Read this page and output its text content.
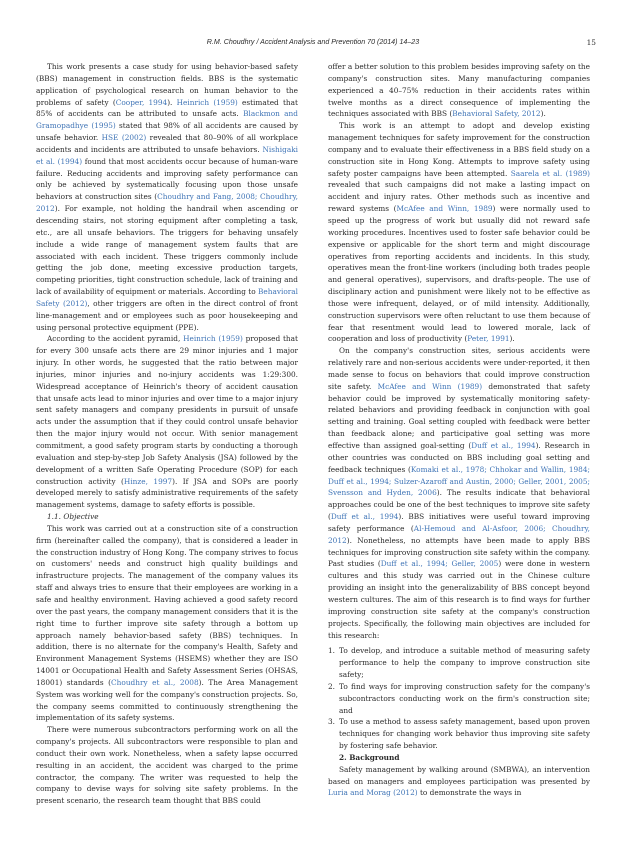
R.M. Choudhry / Accident Analysis and Prevention 70 (2014) 14–23	15

This work presents a case study for using behavior-based safety (BBS) management in construction fields. BBS is the systematic application of psychological research on human behavior to the problems of safety (Cooper, 1994). Heinrich (1959) estimated that 85% of accidents can be attributed to unsafe acts. Blackmon and Gramopadhye (1995) stated that 98% of all accidents are caused by unsafe behavior. HSE (2002) revealed that 80–90% of all workplace accidents and incidents are attributed to unsafe behaviors. Nishigaki et al. (1994) found that most accidents occur because of human-ware failure. Reducing accidents and improving safety performance can only be achieved by systematically focusing upon those unsafe behaviors at construction sites (Choudhry and Fang, 2008; Choudhry, 2012). For example, not holding the handrail when ascending or descending stairs, not storing equipment after completing a task, etc., are all unsafe behaviors. The triggers for behaving unsafely include a wide range of management system faults that are associated with each incident. These triggers commonly include getting the job done, meeting excessive production targets, competing priorities, tight construction schedule, lack of training and lack of availability of equipment or materials. According to Behavioral Safety (2012), other triggers are often in the direct control of front line-management and or employees such as poor housekeeping and using personal protective equipment (PPE).

According to the accident pyramid, Heinrich (1959) proposed that for every 300 unsafe acts there are 29 minor injuries and 1 major injury. In other words, he suggested that the ratio between major injuries, minor injuries and no-injury accidents was 1:29:300. Widespread acceptance of Heinrich's theory of accident causation that unsafe acts lead to minor injuries and over time to a major injury sent safety managers and company presidents in pursuit of unsafe acts under the assumption that if they could control unsafe behavior then the major injury would not occur. With senior management commitment, a good safety program starts by conducting a thorough evaluation and step-by-step Job Safety Analysis (JSA) followed by the development of a written Safe Operating Procedure (SOP) for each construction activity (Hinze, 1997). If JSA and SOPs are poorly developed merely to satisfy administrative requirements of the safety management systems, damage to safety efforts is possible.

1.1. Objective

This work was carried out at a construction site of a construction firm (hereinafter called the company), that is considered a leader in the construction industry of Hong Kong. The company strives to focus on customers' needs and construct high quality buildings and infrastructure projects. The management of the company values its staff and always tries to ensure that their employees are working in a safe and healthy environment. Having achieved a good safety record over the past years, the company management considers that it is the right time to further improve site safety through a bottom up approach namely behavior-based safety (BBS) techniques. In addition, there is no alternate for the company's Health, Safety and Environment Management Systems (HSEMS) whether they are ISO 14001 or Occupational Health and Safety Assessment Series (OHSAS, 18001) standards (Choudhry et al., 2008). The Area Management System was working well for the company's construction projects. So, the company seems committed to continuously strengthening the implementation of its safety systems.

There were numerous subcontractors performing work on all the company's projects. All subcontractors were responsible to plan and conduct their own work. Nonetheless, when a safety lapse occurred resulting in an accident, the accident was charged to the prime contractor, the company. The writer was requested to help the company to devise ways for solving site safety problems. In the present scenario, the research team thought that BBS could

offer a better solution to this problem besides improving safety on the company's construction sites. Many manufacturing companies experienced a 40–75% reduction in their accidents rates within twelve months as a direct consequence of implementing the techniques associated with BBS (Behavioral Safety, 2012).

This work is an attempt to adopt and develop existing management techniques for safety improvement for the construction company and to evaluate their effectiveness in a BBS field study on a construction site in Hong Kong. Attempts to improve safety using safety poster campaigns have been attempted. Saarela et al. (1989) revealed that such campaigns did not make a lasting impact on accident and injury rates. Other methods such as incentive and reward systems (McAfee and Winn, 1989) were normally used to speed up the progress of work but usually did not reward safe working procedures. Incentives used to foster safe behavior could be expensive or applicable for the short term and might discourage operatives from reporting accidents and incidents. In this study, operatives mean the front-line workers (including both trades people and general operatives), supervisors, and drafts-people. The use of disciplinary action and punishment were likely not to be effective as those were infrequent, delayed, or of mild intensity. Additionally, construction supervisors were often reluctant to use them because of fear that resentment would lead to lowered morale, lack of cooperation and loss of productivity (Peter, 1991).

On the company's construction sites, serious accidents were relatively rare and non-serious accidents were under-reported, it then made sense to focus on behaviors that could improve construction site safety. McAfee and Winn (1989) demonstrated that safety behavior could be improved by systematically monitoring safety-related behaviors and providing feedback in conjunction with goal setting and training. Goal setting coupled with feedback were better than feedback alone; and participative goal setting was more effective than assigned goal-setting (Duff et al., 1994). Research in other countries was conducted on BBS including goal setting and feedback techniques (Komaki et al., 1978; Chhokar and Wallin, 1984; Duff et al., 1994; Sulzer-Azaroff and Austin, 2000; Geller, 2001, 2005; Svensson and Hyden, 2006). The results indicate that behavioral approaches could be one of the best techniques to improve site safety (Duff et al., 1994). BBS initiatives were useful toward improving safety performance (Al-Hemoud and Al-Asfoor, 2006; Choudhry, 2012). Nonetheless, no attempts have been made to apply BBS techniques for improving construction site safety within the company. Past studies (Duff et al., 1994; Geller, 2005) were done in western cultures and this study was carried out in the Chinese culture providing an insight into the generalizability of BBS concept beyond western cultures. The aim of this research is to find ways for further improving construction site safety at the company's construction projects. Specifically, the following main objectives are included for this research:

1. To develop, and introduce a suitable method of measuring safety performance to help the company to improve construction site safety;
2. To find ways for improving construction safety for the company's subcontractors conducting work on the firm's construction site; and
3. To use a method to assess safety management, based upon proven techniques for changing work behavior thus improving site safety by fostering safe behavior.

2. Background

Safety management by walking around (SMBWA), an intervention based on managers and employees participation was presented by Luria and Morag (2012) to demonstrate the ways in
